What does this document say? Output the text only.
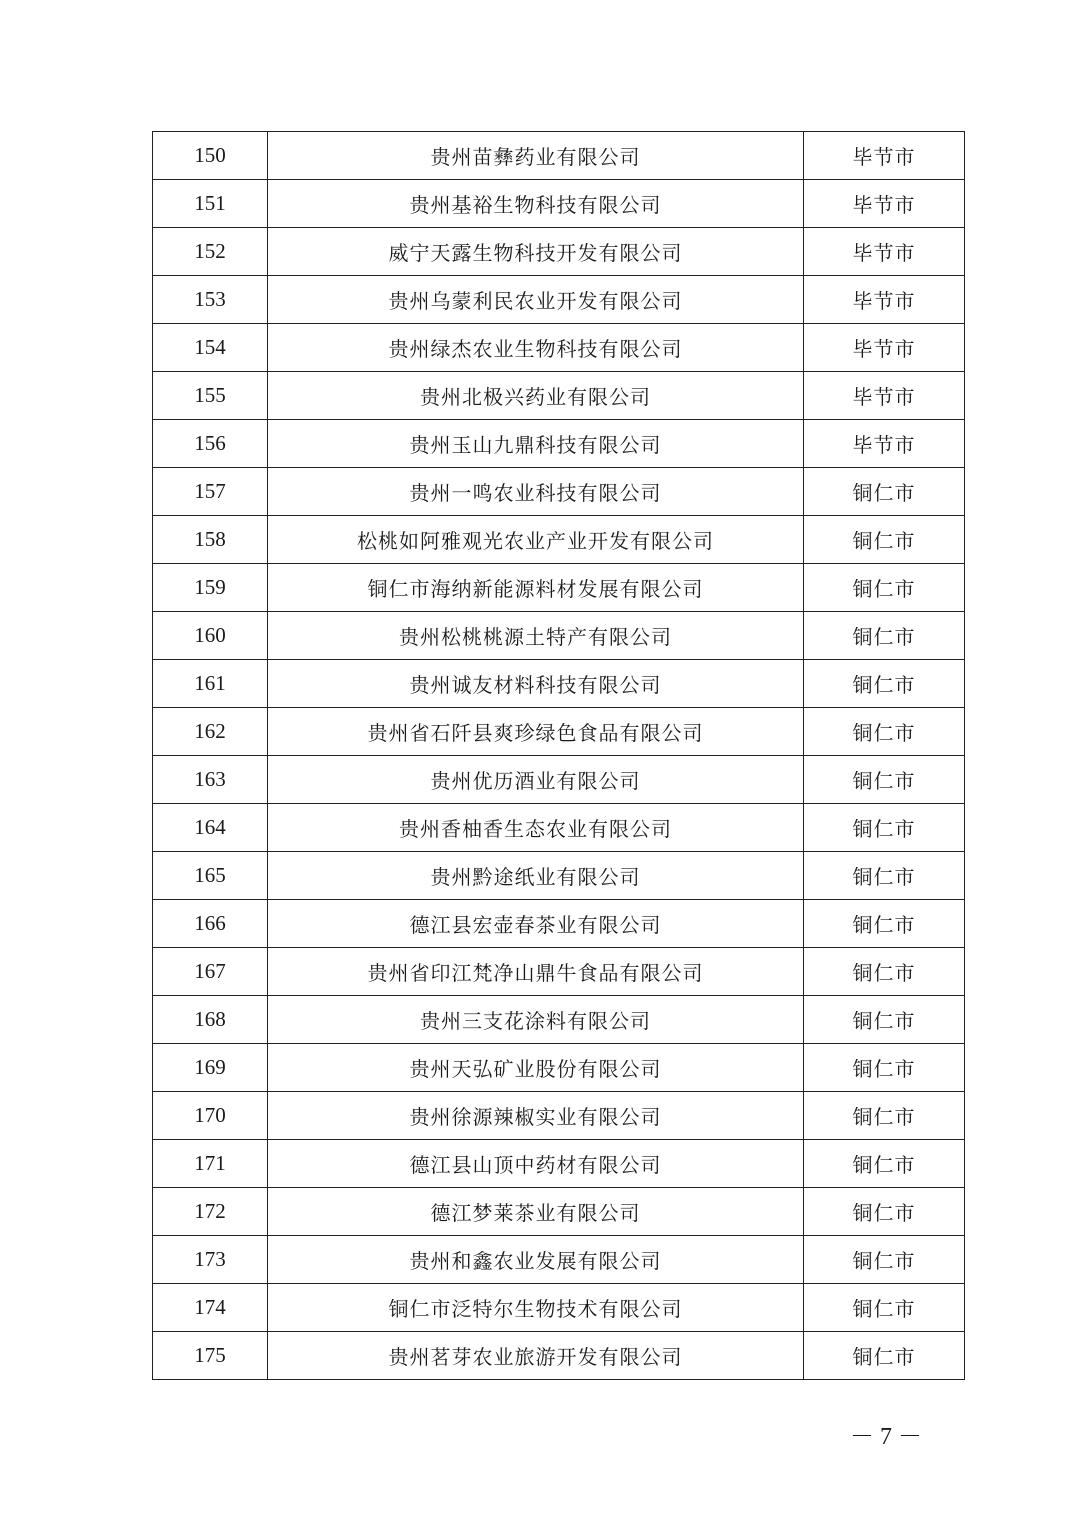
150	贵州苗彝药业有限公司	毕节市
151	贵州基裕生物科技有限公司	毕节市
152	威宁天露生物科技开发有限公司	毕节市
153	贵州乌蒙利民农业开发有限公司	毕节市
154	贵州绿杰农业生物科技有限公司	毕节市
155	贵州北极兴药业有限公司	毕节市
156	贵州玉山九鼎科技有限公司	毕节市
157	贵州一鸣农业科技有限公司	铜仁市
158	松桃如阿雅观光农业产业开发有限公司	铜仁市
159	铜仁市海纳新能源料材发展有限公司	铜仁市
160	贵州松桃桃源土特产有限公司	铜仁市
161	贵州诚友材料科技有限公司	铜仁市
162	贵州省石阡县爽珍绿色食品有限公司	铜仁市
163	贵州优历酒业有限公司	铜仁市
164	贵州香柚香生态农业有限公司	铜仁市
165	贵州黔途纸业有限公司	铜仁市
166	德江县宏壶春茶业有限公司	铜仁市
167	贵州省印江梵净山鼎牛食品有限公司	铜仁市
168	贵州三支花涂料有限公司	铜仁市
169	贵州天弘矿业股份有限公司	铜仁市
170	贵州徐源辣椒实业有限公司	铜仁市
171	德江县山顶中药材有限公司	铜仁市
172	德江梦莱茶业有限公司	铜仁市
173	贵州和鑫农业发展有限公司	铜仁市
174	铜仁市泛特尔生物技术有限公司	铜仁市
175	贵州茗芽农业旅游开发有限公司	铜仁市
－ 7 －
